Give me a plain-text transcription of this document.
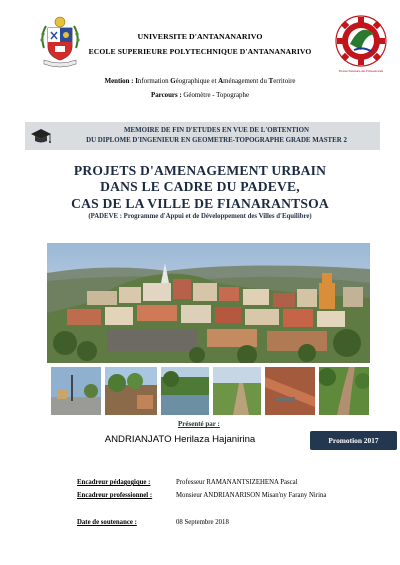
Premier Partenaire des Professionnels
UNIVERSITE D'ANTANANARIVO
ECOLE SUPERIEURE POLYTECHNIQUE D'ANTANANARIVO
Mention : Information Géographique et Aménagement du Territoire
Parcours : Géomètre - Topographe
MEMOIRE DE FIN D'ETUDES EN VUE DE L'OBTENTION
DU DIPLOME D'INGENIEUR EN GEOMETRE-TOPOGRAPHE GRADE MASTER 2
PROJETS D'AMENAGEMENT URBAIN
DANS LE CADRE DU PADEVE,
CAS DE LA VILLE DE FIANARANTSOA
(PADEVE : Programme d'Appui et de Développement des Villes d'Equilibre)
Présenté par :
ANDRIANJATO Herilaza Hajanirina	Promotion 2017
Encadreur pédagogique :	Professeur RAMANANTSIZEHENA Pascal
Encadreur professionnel :	Monsieur ANDRIANARISON Misan'ny Farany Nirina
Date de soutenance :	08 Septembre 2018
